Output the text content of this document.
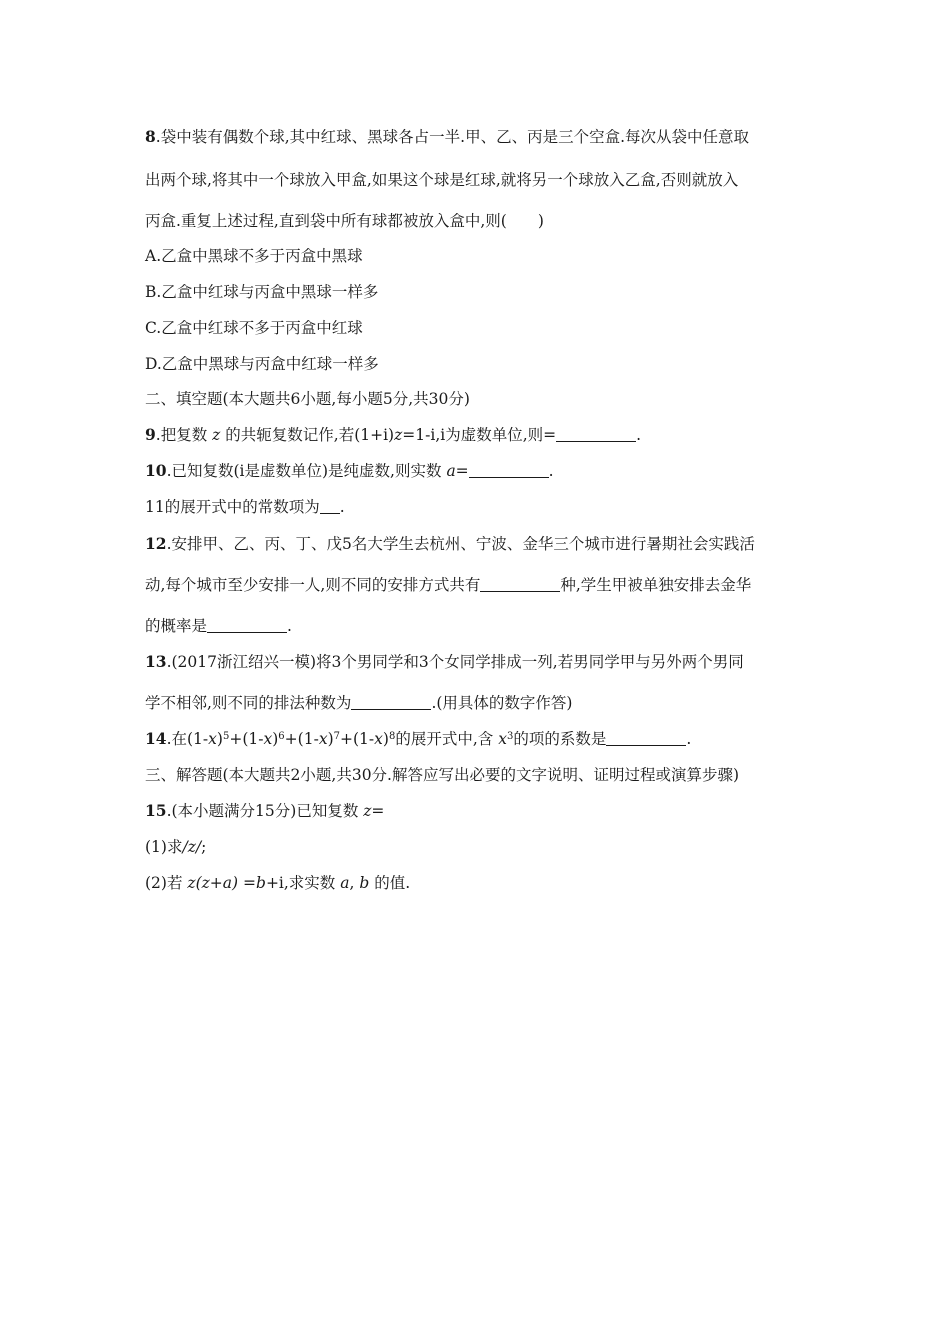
8.袋中装有偶数个球,其中红球、黑球各占一半.甲、乙、丙是三个空盒.每次从袋中任意取
出两个球,将其中一个球放入甲盒,如果这个球是红球,就将另一个球放入乙盒,否则就放入
丙盒.重复上述过程,直到袋中所有球都被放入盒中,则(　　)
A.乙盒中黑球不多于丙盒中黑球
B.乙盒中红球与丙盒中黑球一样多
C.乙盒中红球不多于丙盒中红球
D.乙盒中黑球与丙盒中红球一样多
二、填空题(本大题共6小题,每小题5分,共30分)
9.把复数 z 的共轭复数记作,若(1+i)z=1-i,i为虚数单位,则=	.
10.已知复数(i是虚数单位)是纯虚数,则实数 a=	.
11的展开式中的常数项为 .
12.安排甲、乙、丙、丁、戊5名大学生去杭州、宁波、金华三个城市进行暑期社会实践活
动,每个城市至少安排一人,则不同的安排方式共有	种,学生甲被单独安排去金华
的概率是	.
13.(2017浙江绍兴一模)将3个男同学和3个女同学排成一列,若男同学甲与另外两个男同
学不相邻,则不同的排法种数为	.(用具体的数字作答)
14.在$(1-x)^5+(1-x)^6+(1-x)^7+(1-x)^8$的展开式中,含 $x^3$的项的系数是	.
三、解答题(本大题共2小题,共30分.解答应写出必要的文字说明、证明过程或演算步骤)
15.(本小题满分15分)已知复数 z=
(1)求/z/;
(2)若 z(z+a) =b+i,求实数 a, b 的值.
